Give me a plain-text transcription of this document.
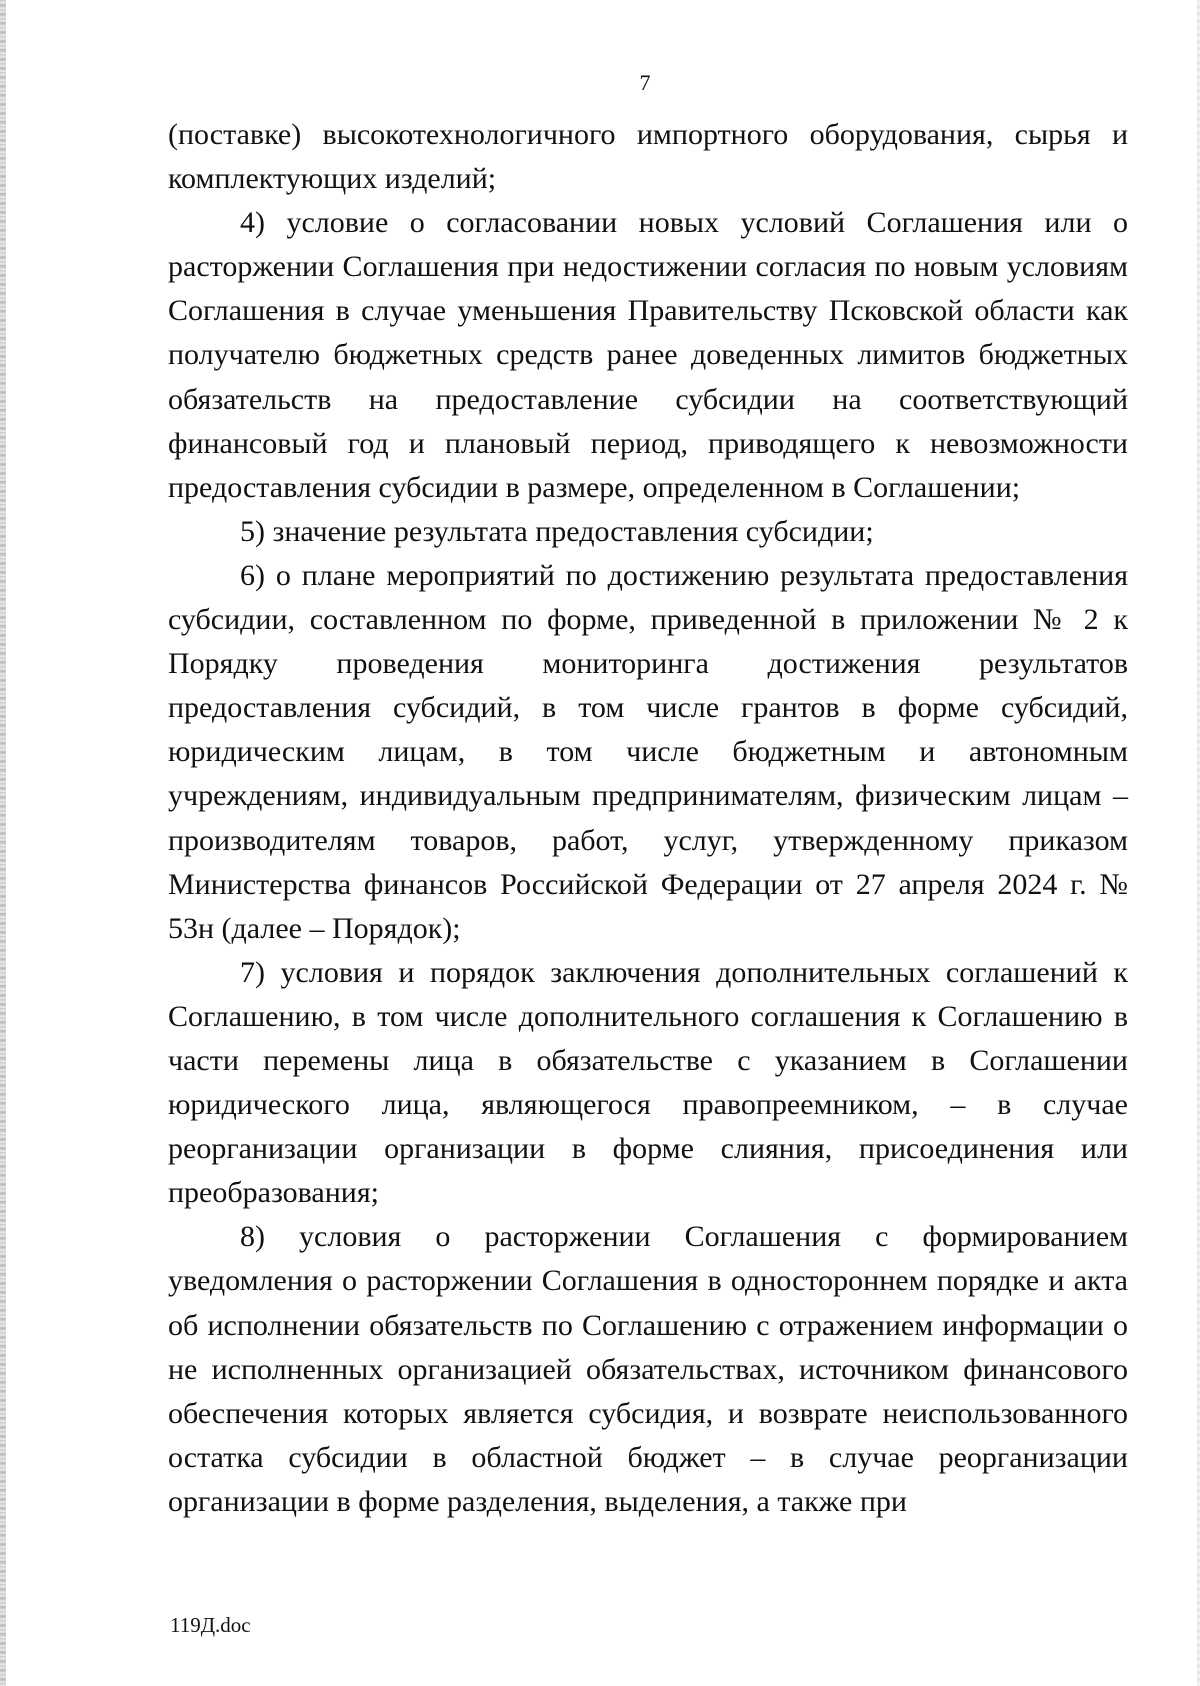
7

(поставке) высокотехнологичного импортного оборудования, сырья и комплектующих изделий;

4) условие о согласовании новых условий Соглашения или о расторжении Соглашения при недостижении согласия по новым условиям Соглашения в случае уменьшения Правительству Псковской области как получателю бюджетных средств ранее доведенных лимитов бюджетных обязательств на предоставление субсидии на соответствующий финансовый год и плановый период, приводящего к невозможности предоставления субсидии в размере, определенном в Соглашении;

5) значение результата предоставления субсидии;

6) о плане мероприятий по достижению результата предоставления субсидии, составленном по форме, приведенной в приложении № 2 к Порядку проведения мониторинга достижения результатов предоставления субсидий, в том числе грантов в форме субсидий, юридическим лицам, в том числе бюджетным и автономным учреждениям, индивидуальным предпринимателям, физическим лицам – производителям товаров, работ, услуг, утвержденному приказом Министерства финансов Российской Федерации от 27 апреля 2024 г. № 53н (далее – Порядок);

7) условия и порядок заключения дополнительных соглашений к Соглашению, в том числе дополнительного соглашения к Соглашению в части перемены лица в обязательстве с указанием в Соглашении юридического лица, являющегося правопреемником, – в случае реорганизации организации в форме слияния, присоединения или преобразования;

8) условия о расторжении Соглашения с формированием уведомления о расторжении Соглашения в одностороннем порядке и акта об исполнении обязательств по Соглашению с отражением информации о не исполненных организацией обязательствах, источником финансового обеспечения которых является субсидия, и возврате неиспользованного остатка субсидии в областной бюджет – в случае реорганизации организации в форме разделения, выделения, а также при

119Д.doc
